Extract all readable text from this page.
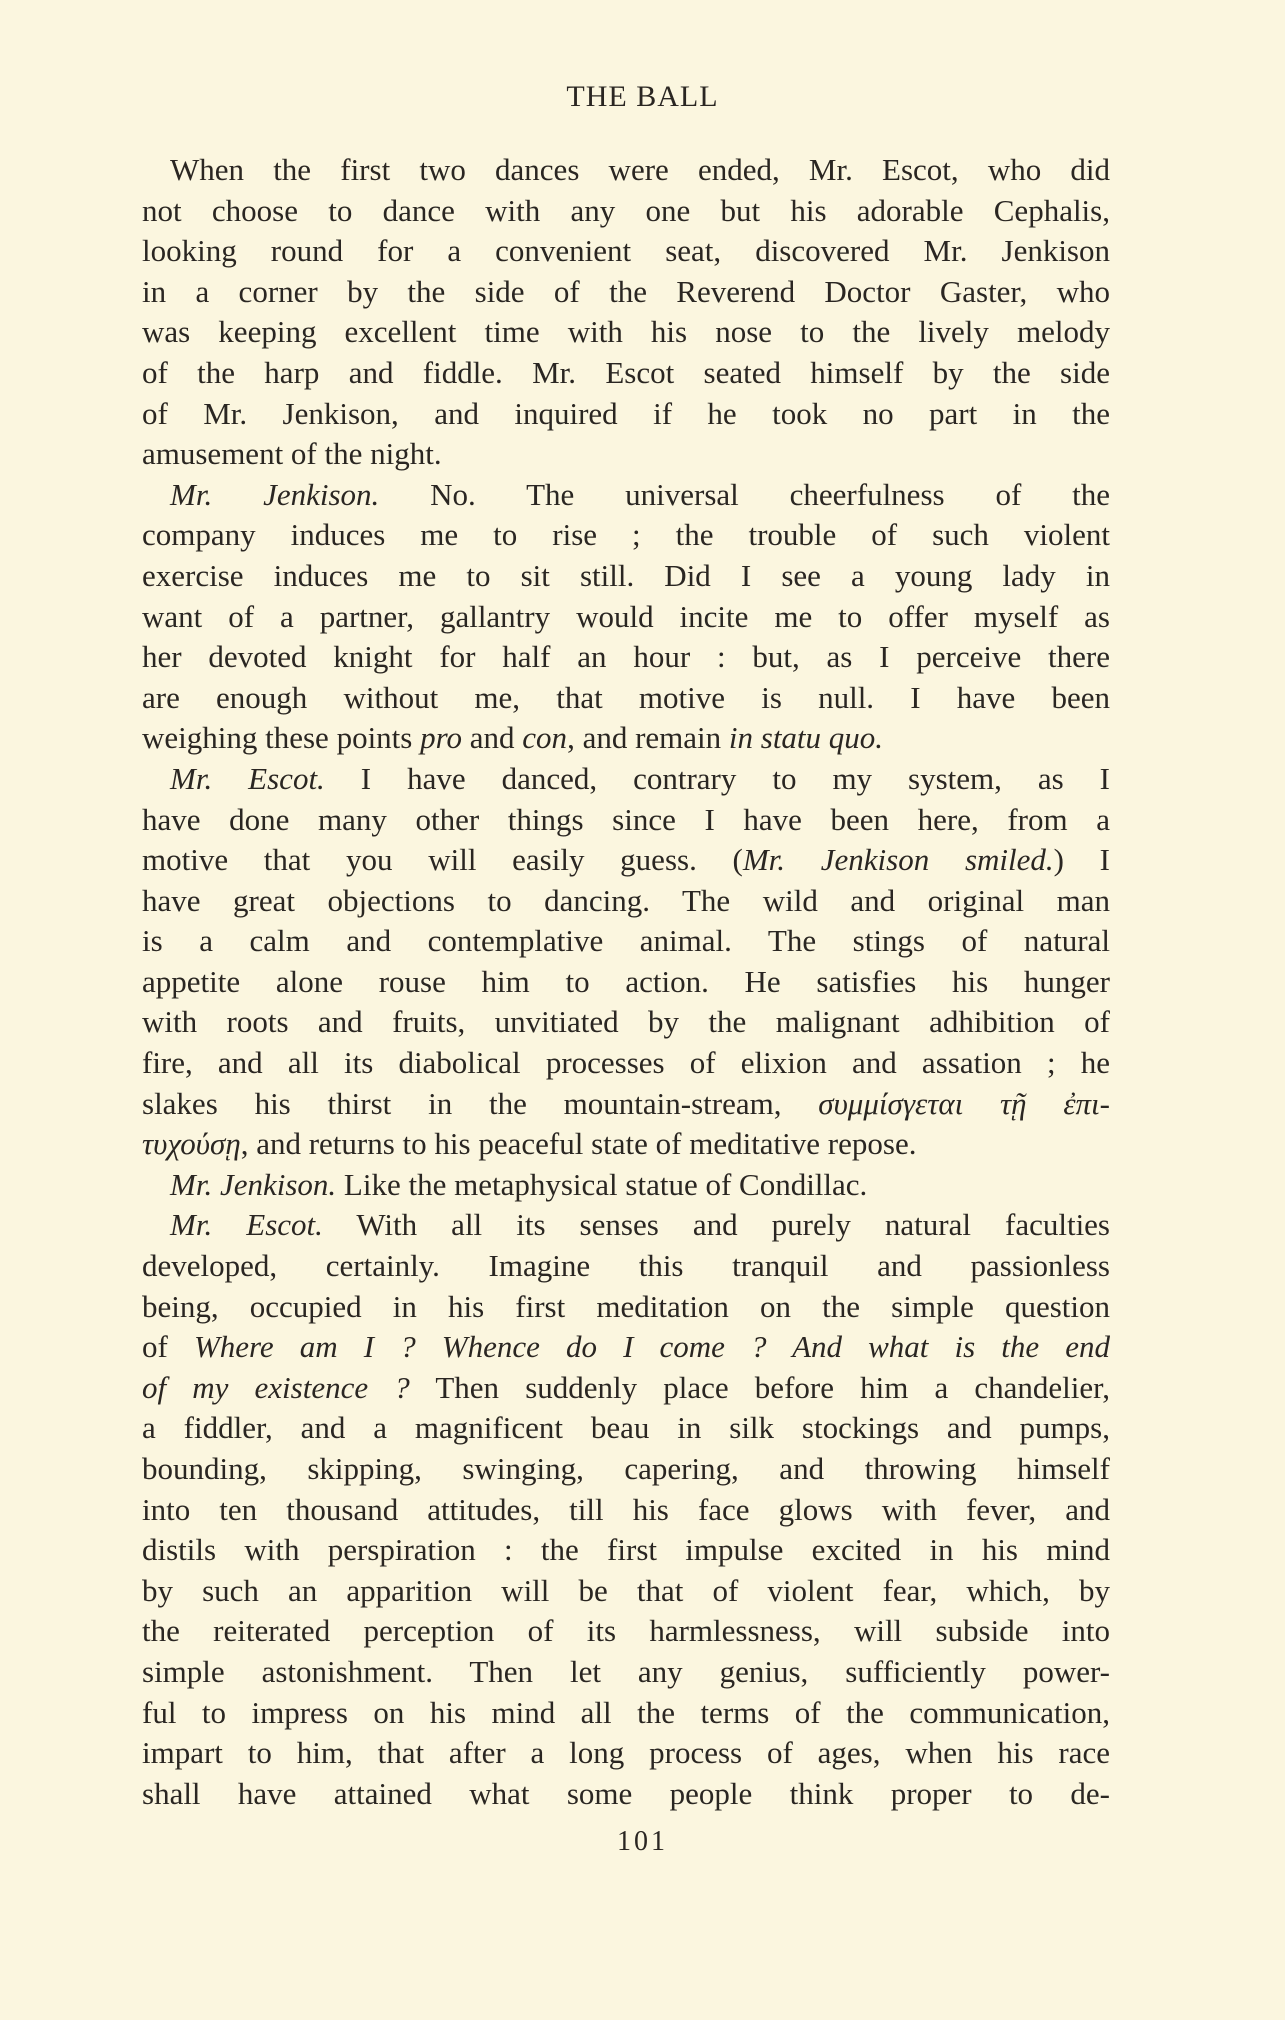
THE BALL
When the first two dances were ended, Mr. Escot, who did
not choose to dance with any one but his adorable Cephalis,
looking round for a convenient seat, discovered Mr. Jenkison
in a corner by the side of the Reverend Doctor Gaster, who
was keeping excellent time with his nose to the lively melody
of the harp and fiddle. Mr. Escot seated himself by the side
of Mr. Jenkison, and inquired if he took no part in the
amusement of the night.
Mr. Jenkison. No. The universal cheerfulness of the
company induces me to rise ; the trouble of such violent
exercise induces me to sit still. Did I see a young lady in
want of a partner, gallantry would incite me to offer myself as
her devoted knight for half an hour : but, as I perceive there
are enough without me, that motive is null. I have been
weighing these points pro and con, and remain in statu quo.
Mr. Escot. I have danced, contrary to my system, as I
have done many other things since I have been here, from a
motive that you will easily guess. (Mr. Jenkison smiled.) I
have great objections to dancing. The wild and original man
is a calm and contemplative animal. The stings of natural
appetite alone rouse him to action. He satisfies his hunger
with roots and fruits, unvitiated by the malignant adhibition of
fire, and all its diabolical processes of elixion and assation ; he
slakes his thirst in the mountain-stream, συμμίσγεται τῇ ἐπι-
τυχούσῃ, and returns to his peaceful state of meditative repose.
Mr. Jenkison. Like the metaphysical statue of Condillac.
Mr. Escot. With all its senses and purely natural faculties
developed, certainly. Imagine this tranquil and passionless
being, occupied in his first meditation on the simple question
of Where am I ? Whence do I come ? And what is the end
of my existence ? Then suddenly place before him a chandelier,
a fiddler, and a magnificent beau in silk stockings and pumps,
bounding, skipping, swinging, capering, and throwing himself
into ten thousand attitudes, till his face glows with fever, and
distils with perspiration : the first impulse excited in his mind
by such an apparition will be that of violent fear, which, by
the reiterated perception of its harmlessness, will subside into
simple astonishment. Then let any genius, sufficiently power-
ful to impress on his mind all the terms of the communication,
impart to him, that after a long process of ages, when his race
shall have attained what some people think proper to de-
101
